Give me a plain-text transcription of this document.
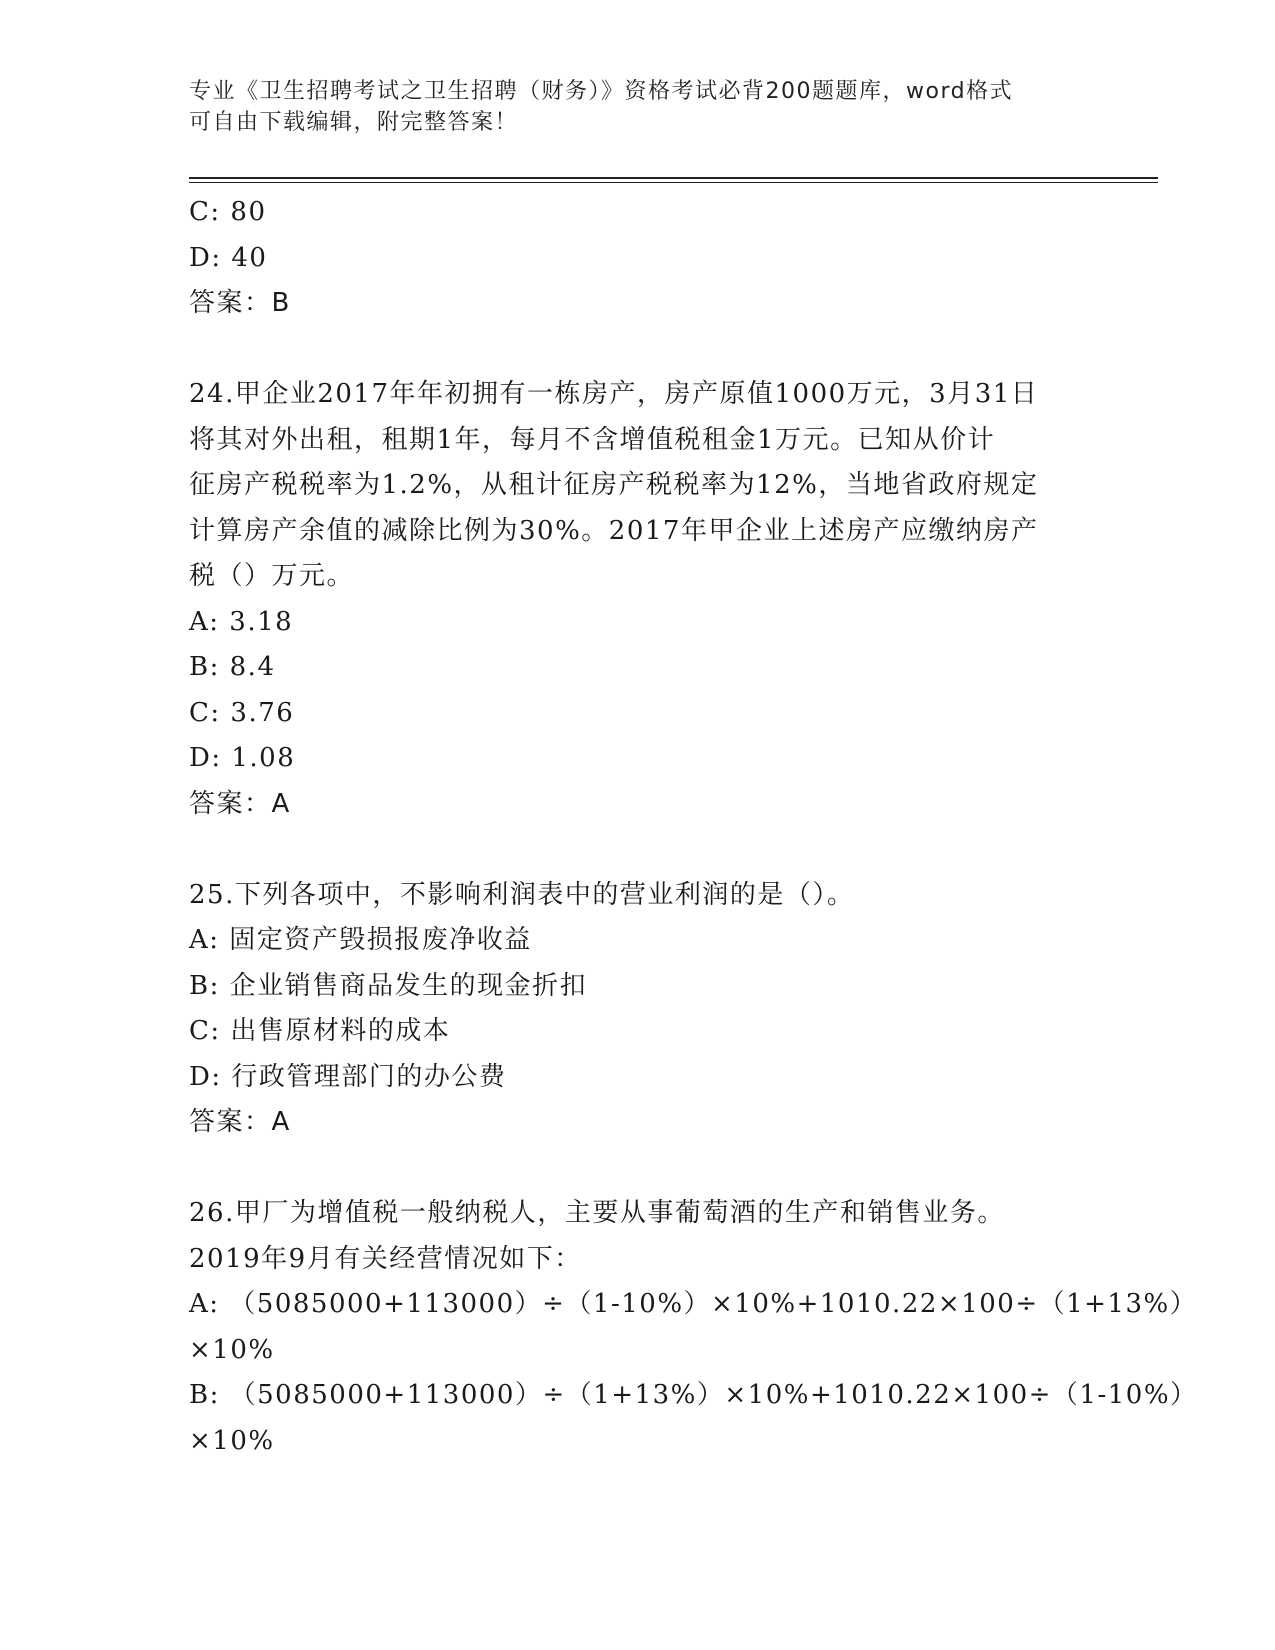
专业《卫生招聘考试之卫生招聘（财务）》资格考试必背200题题库，word格式
可自由下载编辑，附完整答案！
C: 80
D: 40
答案：B
24.甲企业2017年年初拥有一栋房产，房产原值1000万元，3月31日
将其对外出租，租期1年，每月不含增值税租金1万元。已知从价计
征房产税税率为1.2%，从租计征房产税税率为12%，当地省政府规定
计算房产余值的减除比例为30%。2017年甲企业上述房产应缴纳房产
税（）万元。
A: 3.18
B: 8.4
C: 3.76
D: 1.08
答案：A
25.下列各项中，不影响利润表中的营业利润的是（）。
A: 固定资产毁损报废净收益
B: 企业销售商品发生的现金折扣
C: 出售原材料的成本
D: 行政管理部门的办公费
答案：A
26.甲厂为增值税一般纳税人，主要从事葡萄酒的生产和销售业务。
2019年9月有关经营情况如下：
A: （5085000+113000）÷（1-10%）×10%+1010.22×100÷（1+13%）
×10%
B: （5085000+113000）÷（1+13%）×10%+1010.22×100÷（1-10%）
×10%
